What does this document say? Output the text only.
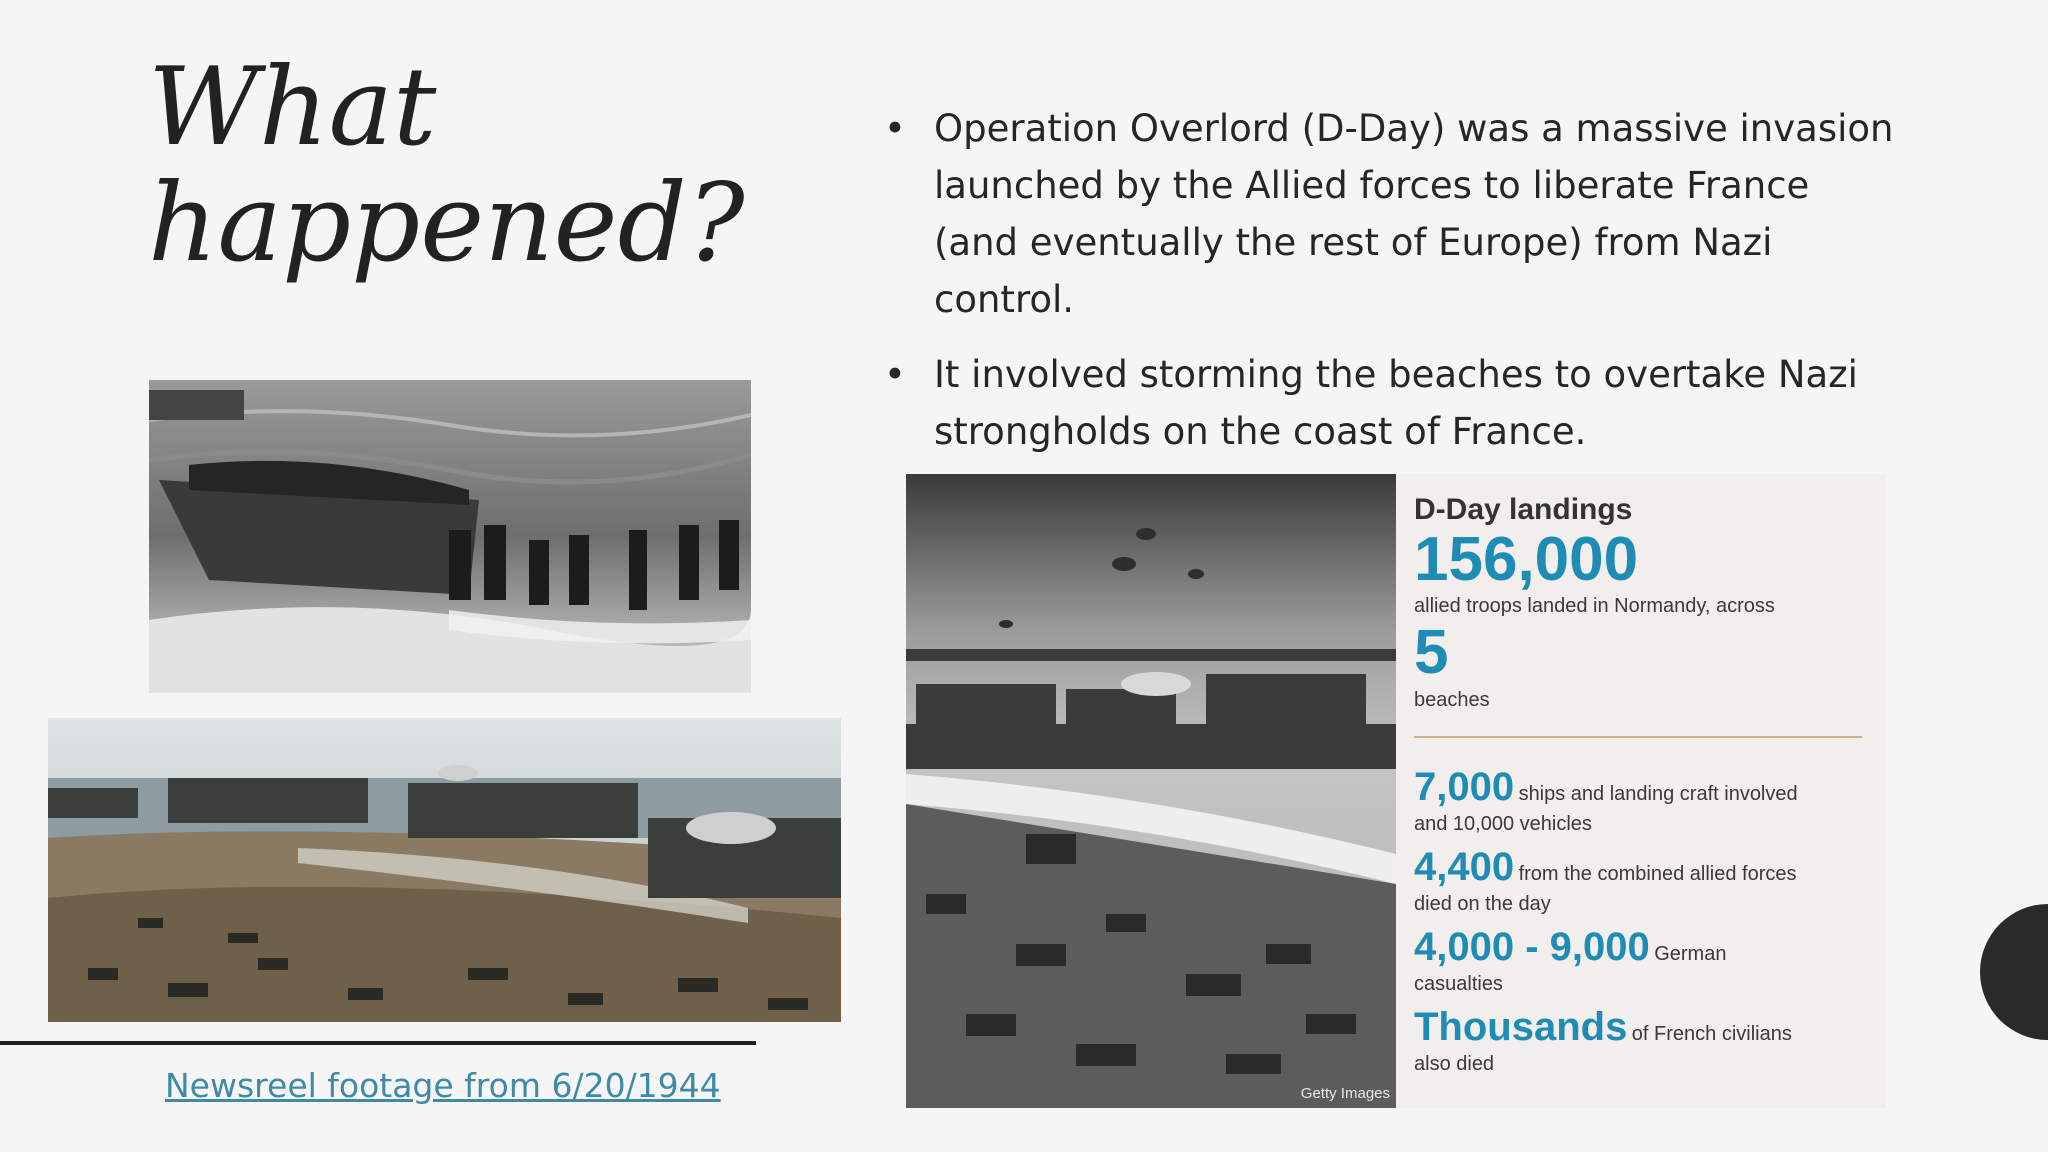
What
happened?
• Operation Overlord (D-Day) was a massive invasion launched by the Allied forces to liberate France (and eventually the rest of Europe) from Nazi control.
• It involved storming the beaches to overtake Nazi strongholds on the coast of France.
Newsreel footage from 6/20/1944	Getty Images
D-Day landings
156,000
allied troops landed in Normandy, across
5
beaches
7,000 ships and landing craft involved
and 10,000 vehicles
4,400 from the combined allied forces
died on the day
4,000 - 9,000 German
casualties
Thousands of French civilians
also died
